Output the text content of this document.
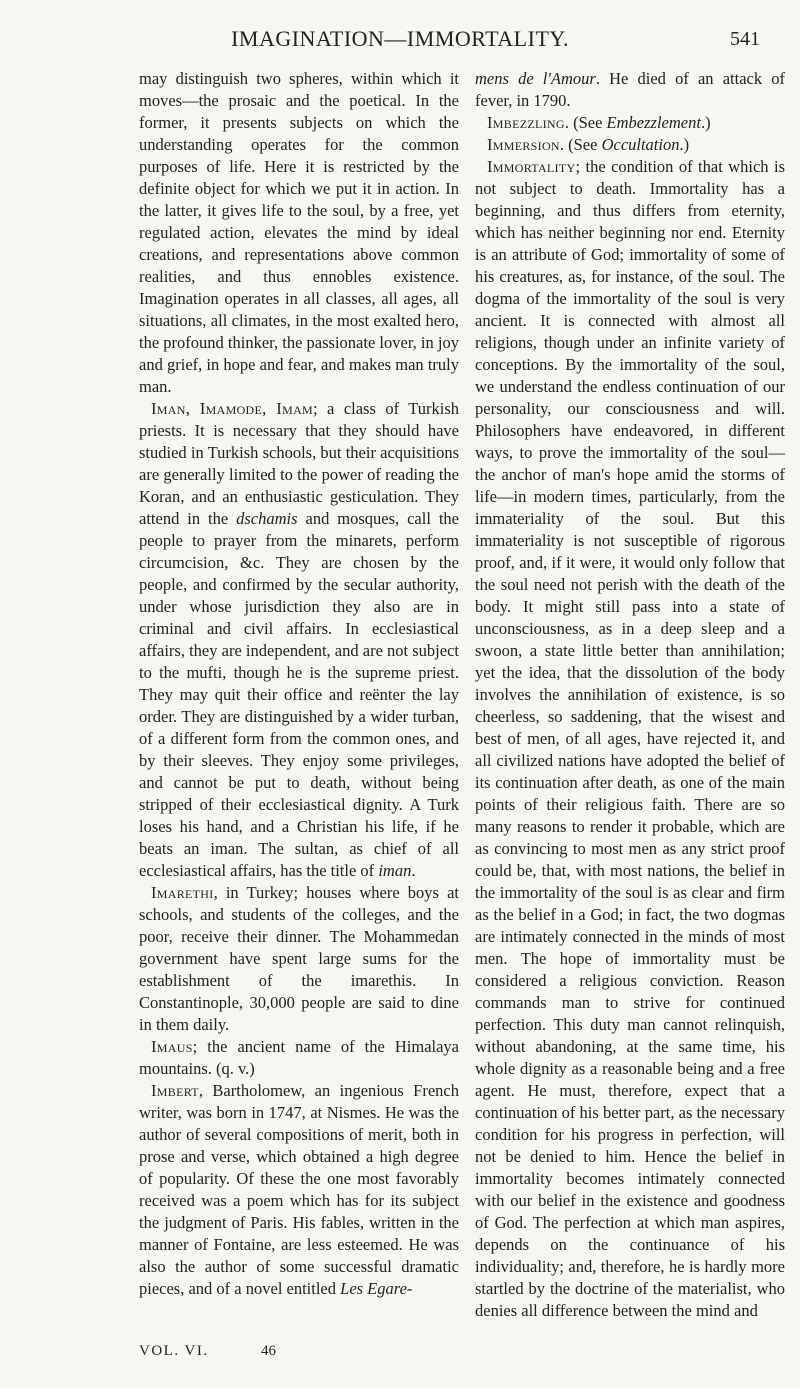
IMAGINATION—IMMORTALITY.	541

may distinguish two spheres, within which it moves—the prosaic and the poetical. In the former, it presents subjects on which the understanding operates for the common purposes of life. Here it is restricted by the definite object for which we put it in action. In the latter, it gives life to the soul, by a free, yet regulated action, elevates the mind by ideal creations, and representations above common realities, and thus ennobles existence. Imagination operates in all classes, all ages, all situations, all climates, in the most exalted hero, the profound thinker, the passionate lover, in joy and grief, in hope and fear, and makes man truly man.

Iman, Imamode, Imam; a class of Turkish priests. It is necessary that they should have studied in Turkish schools, but their acquisitions are generally limited to the power of reading the Koran, and an enthusiastic gesticulation. They attend in the dschamis and mosques, call the people to prayer from the minarets, perform circumcision, &c. They are chosen by the people, and confirmed by the secular authority, under whose jurisdiction they also are in criminal and civil affairs. In ecclesiastical affairs, they are independent, and are not subject to the mufti, though he is the supreme priest. They may quit their office and reënter the lay order. They are distinguished by a wider turban, of a different form from the common ones, and by their sleeves. They enjoy some privileges, and cannot be put to death, without being stripped of their ecclesiastical dignity. A Turk loses his hand, and a Christian his life, if he beats an iman. The sultan, as chief of all ecclesiastical affairs, has the title of iman.

Imarethi, in Turkey; houses where boys at schools, and students of the colleges, and the poor, receive their dinner. The Mohammedan government have spent large sums for the establishment of the imarethis. In Constantinople, 30,000 people are said to dine in them daily.

Imaus; the ancient name of the Himalaya mountains. (q. v.)

Imbert, Bartholomew, an ingenious French writer, was born in 1747, at Nismes. He was the author of several compositions of merit, both in prose and verse, which obtained a high degree of popularity. Of these the one most favorably received was a poem which has for its subject the judgment of Paris. His fables, written in the manner of Fontaine, are less esteemed. He was also the author of some successful dramatic pieces, and of a novel entitled Les Egare-

mens de l'Amour. He died of an attack of fever, in 1790.

Imbezzling. (See Embezzlement.)

Immersion. (See Occultation.)

Immortality; the condition of that which is not subject to death. Immortality has a beginning, and thus differs from eternity, which has neither beginning nor end. Eternity is an attribute of God; immortality of some of his creatures, as, for instance, of the soul. The dogma of the immortality of the soul is very ancient. It is connected with almost all religions, though under an infinite variety of conceptions. By the immortality of the soul, we understand the endless continuation of our personality, our consciousness and will. Philosophers have endeavored, in different ways, to prove the immortality of the soul—the anchor of man's hope amid the storms of life—in modern times, particularly, from the immateriality of the soul. But this immateriality is not susceptible of rigorous proof, and, if it were, it would only follow that the soul need not perish with the death of the body. It might still pass into a state of unconsciousness, as in a deep sleep and a swoon, a state little better than annihilation; yet the idea, that the dissolution of the body involves the annihilation of existence, is so cheerless, so saddening, that the wisest and best of men, of all ages, have rejected it, and all civilized nations have adopted the belief of its continuation after death, as one of the main points of their religious faith. There are so many reasons to render it probable, which are as convincing to most men as any strict proof could be, that, with most nations, the belief in the immortality of the soul is as clear and firm as the belief in a God; in fact, the two dogmas are intimately connected in the minds of most men. The hope of immortality must be considered a religious conviction. Reason commands man to strive for continued perfection. This duty man cannot relinquish, without abandoning, at the same time, his whole dignity as a reasonable being and a free agent. He must, therefore, expect that a continuation of his better part, as the necessary condition for his progress in perfection, will not be denied to him. Hence the belief in immortality becomes intimately connected with our belief in the existence and goodness of God. The perfection at which man aspires, depends on the continuance of his individuality; and, therefore, he is hardly more startled by the doctrine of the materialist, who denies all difference between the mind and

VOL. VI.	46
